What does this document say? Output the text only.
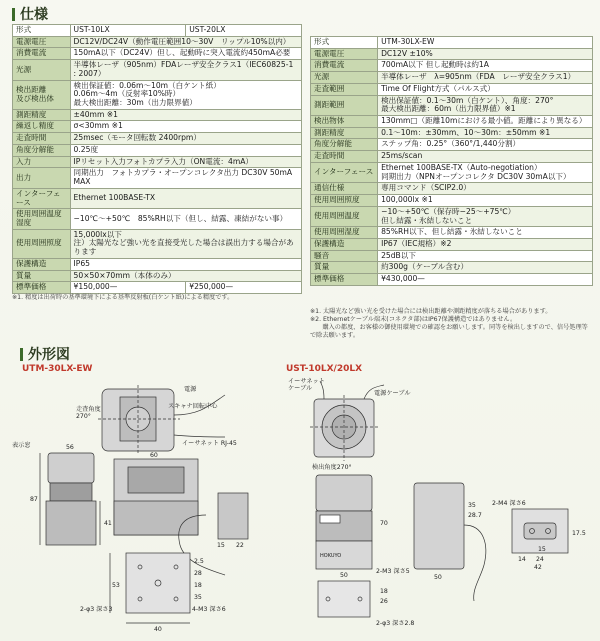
仕様
形式	UST-10LX	UST-20LX
電源電圧	DC12V/DC24V（動作電圧範囲10〜30V　リップル10%以内）	
消費電流	150mA以下（DC24V）但し、起動時に突入電流約450mA必要	
光源	半導体レーザ（905nm）FDAレーザ安全クラス1（IEC60825-1 : 2007）	
検出距離
及び検出体	検出保証値：0.06m〜10m（白ケント紙）
0.06m〜4m（反射率10%時）
最大検出距離：30m（出力限界値）	
測距精度	±40mm ※1	
繰返し精度	σ<30mm ※1	
走査時間	25msec（モータ回転数 2400rpm）	
角度分解能	0.25度	
入力	IPリセット入力フォトカプラ入力（ON電流：4mA）	
出力	同期出力　フォトカプラ・オープンコレクタ出力 DC30V 50mA MAX	
インターフェース	Ethernet 100BASE-TX	
使用周囲温度
湿度	−10℃〜+50℃　85%RH以下（但し、結露、凍結がない事）	
使用周囲照度	15,000lx以下
注）太陽光など強い光を直接受光した場合は誤出力する場合があります	
保護構造	IP65	
質量	50×50×70mm（本体のみ）	
標準価格	¥150,000—	¥250,000—
※1. 精度は出荷時の基準環境下による基準反射板(白ケント紙)による精度です。
形式	UTM-30LX-EW
電源電圧	DC12V ±10%
消費電流	700mA以下 但し起動時は約1A
光源	半導体レーザ　λ=905nm（FDA　レーザ安全クラス1）
走査範囲	Time Of Flight方式（パルス式）
測距範囲	検出保証値：0.1〜30m（白ケント）、角度：270°
最大検出距離：60m（出力限界値）※1
検出物体	130mm□（距離10mにおける最小値。距離により異なる）
測距精度	0.1〜10m：±30mm、10〜30m：±50mm ※1
角度分解能	ステップ角：0.25°（360°/1,440分割）
走査時間	25ms/scan
インターフェース	Ethernet 100BASE-TX（Auto-negotiation）
同期出力（NPNオープンコレクタ DC30V 30mA以下）
通信仕様	専用コマンド（SCIP2.0）
使用周囲照度	100,000lx ※1
使用周囲温度	−10〜+50℃（保存時−25〜+75℃）
但し結露・氷結しないこと
使用周囲湿度	85%RH以下、但し結露・氷結しないこと
保護構造	IP67（IEC規格）※2
騒音	25dB以下
質量	約300g（ケーブル含む）
標準価格	¥430,000—
※1. 太陽光など強い光を受けた場合には検出距離や測距精度が落ちる場合があります。
※2. Ethernetケーブル端末(コネクタ部)はIP67保護構造ではありません。
　　購入の都度、お客様の御使用環境での確認をお願いします。同等を検出しますので、信号処理等で除去願います。
外形図
UTM-30LX-EW	UST-10LX/20LX
電源
スキャナ回転中心
走査角度 270°
イーサネット RJ-45
表示窓	56
60
87
41
15 22
53
40
18
35
28
2.5
2-φ3 深さ3	4-M3 深さ6
イーサネットケーブル
電源ケーブル
検出角度270°
HOKUYO
50
70
50
35
28.7
17.5
42
24
14
15
26
18
2-M4 深さ6
2-M3 深さ5
2-φ3 深さ2.8
